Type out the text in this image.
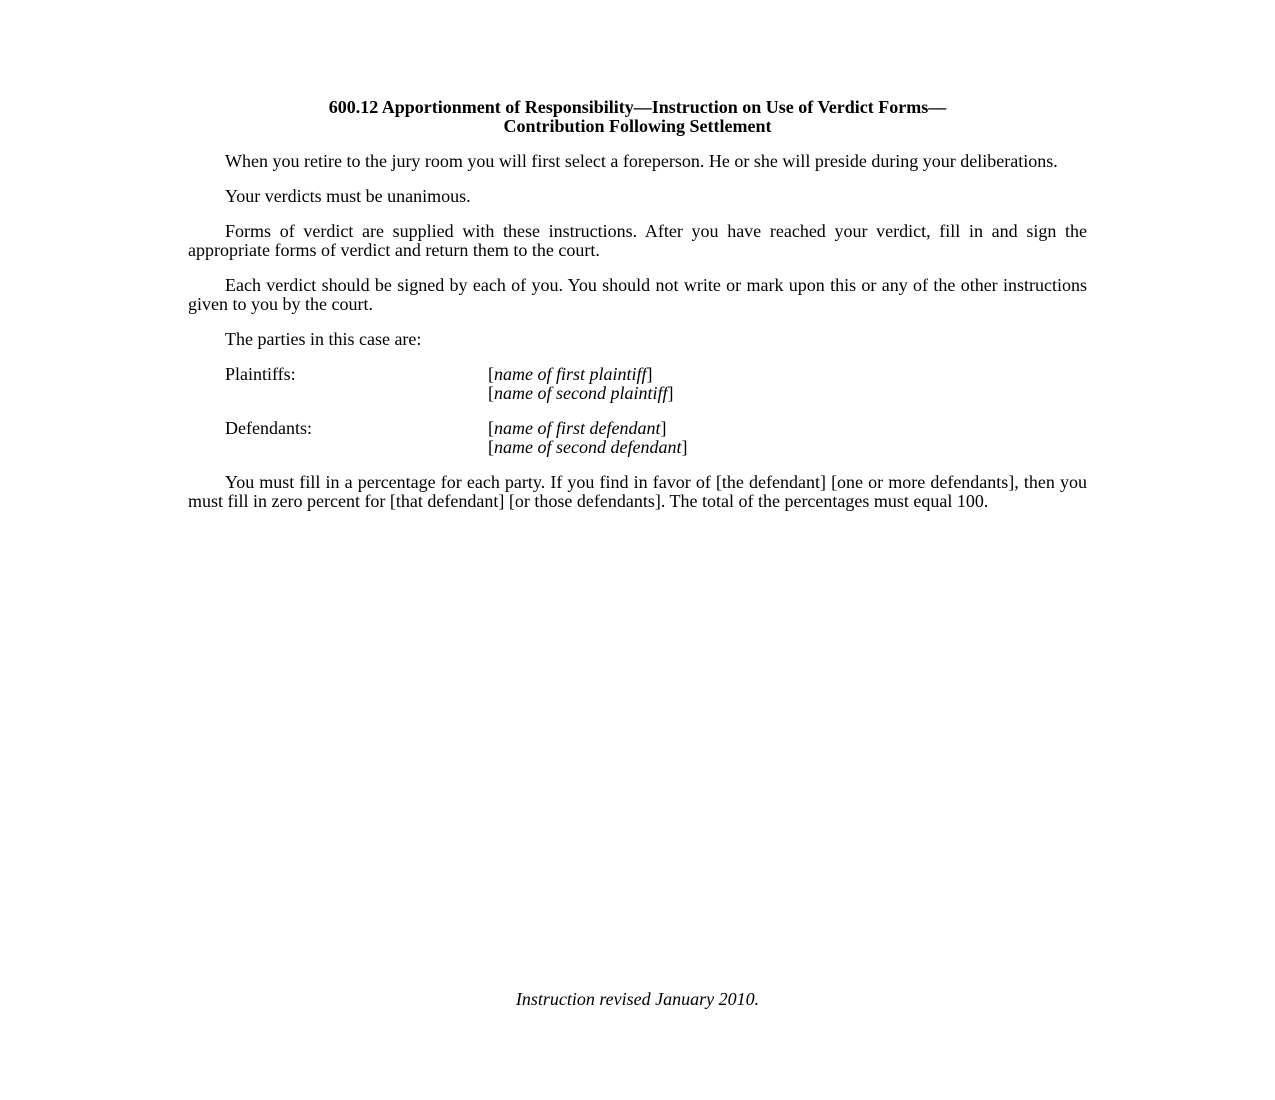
600.12 Apportionment of Responsibility—Instruction on Use of Verdict Forms—
Contribution Following Settlement

When you retire to the jury room you will first select a foreperson. He or she will preside during your deliberations.

Your verdicts must be unanimous.

Forms of verdict are supplied with these instructions. After you have reached your verdict, fill in and sign the appropriate forms of verdict and return them to the court.

Each verdict should be signed by each of you. You should not write or mark upon this or any of the other instructions given to you by the court.

The parties in this case are:

Plaintiffs:	[name of first plaintiff]
[name of second plaintiff]
Defendants:	[name of first defendant]
[name of second defendant]

You must fill in a percentage for each party. If you find in favor of [the defendant] [one or more defendants], then you must fill in zero percent for [that defendant] [or those defendants]. The total of the percentages must equal 100.

Instruction revised January 2010.
